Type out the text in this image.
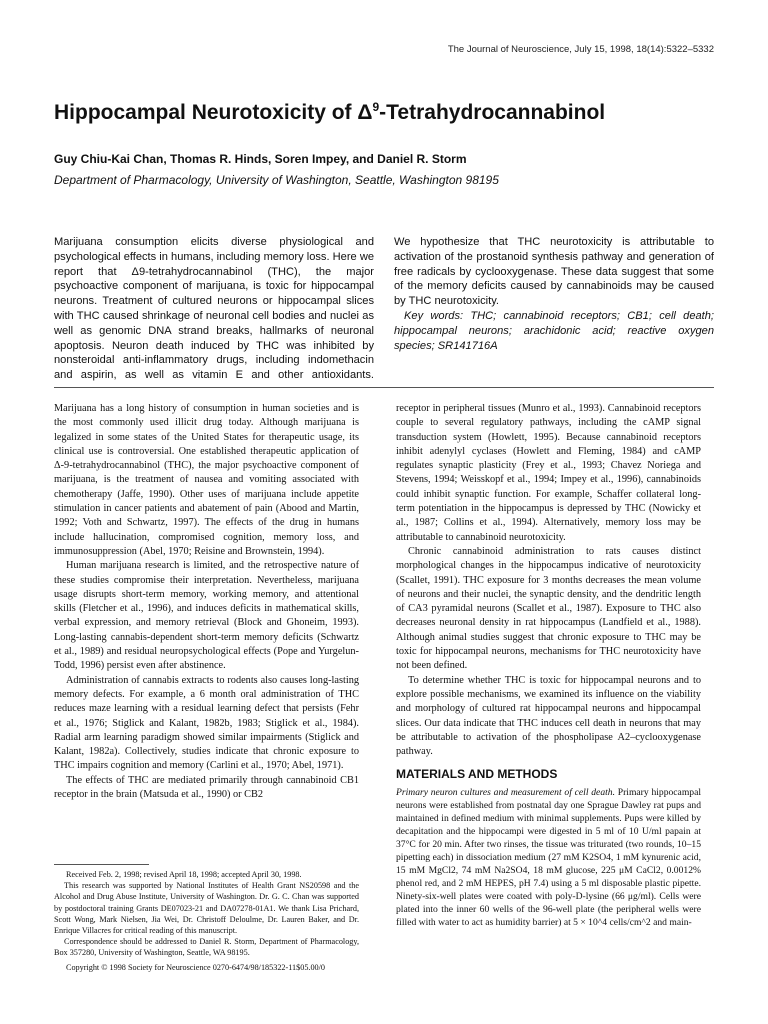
The Journal of Neuroscience, July 15, 1998, 18(14):5322–5332
Hippocampal Neurotoxicity of $\Delta^9$-Tetrahydrocannabinol
Guy Chiu-Kai Chan, Thomas R. Hinds, Soren Impey, and Daniel R. Storm
Department of Pharmacology, University of Washington, Seattle, Washington 98195

Marijuana consumption elicits diverse physiological and psychological effects in humans, including memory loss. Here we report that Δ9-tetrahydrocannabinol (THC), the major psychoactive component of marijuana, is toxic for hippocampal neurons. Treatment of cultured neurons or hippocampal slices with THC caused shrinkage of neuronal cell bodies and nuclei as well as genomic DNA strand breaks, hallmarks of neuronal apoptosis. Neuron death induced by THC was inhibited by nonsteroidal anti-inflammatory drugs, including indomethacin and aspirin, as well as vitamin E and other antioxidants.

We hypothesize that THC neurotoxicity is attributable to activation of the prostanoid synthesis pathway and generation of free radicals by cyclooxygenase. These data suggest that some of the memory deficits caused by cannabinoids may be caused by THC neurotoxicity.

Key words: THC; cannabinoid receptors; CB1; cell death; hippocampal neurons; arachidonic acid; reactive oxygen species; SR141716A

Marijuana has a long history of consumption in human societies and is the most commonly used illicit drug today. Although marijuana is legalized in some states of the United States for therapeutic usage, its clinical use is controversial. One established therapeutic application of Δ-9-tetrahydrocannabinol (THC), the major psychoactive component of marijuana, is the treatment of nausea and vomiting associated with chemotherapy (Jaffe, 1990). Other uses of marijuana include appetite stimulation in cancer patients and abatement of pain (Abood and Martin, 1992; Voth and Schwartz, 1997). The effects of the drug in humans include hallucination, compromised cognition, memory loss, and immunosuppression (Abel, 1970; Reisine and Brownstein, 1994).

Human marijuana research is limited, and the retrospective nature of these studies compromise their interpretation. Nevertheless, marijuana usage disrupts short-term memory, working memory, and attentional skills (Fletcher et al., 1996), and induces deficits in mathematical skills, verbal expression, and memory retrieval (Block and Ghoneim, 1993). Long-lasting cannabis-dependent short-term memory deficits (Schwartz et al., 1989) and residual neuropsychological effects (Pope and Yurgelun-Todd, 1996) persist even after abstinence.

Administration of cannabis extracts to rodents also causes long-lasting memory defects. For example, a 6 month oral administration of THC reduces maze learning with a residual learning defect that persists (Fehr et al., 1976; Stiglick and Kalant, 1982b, 1983; Stiglick et al., 1984). Radial arm learning paradigm showed similar impairments (Stiglick and Kalant, 1982a). Collectively, studies indicate that chronic exposure to THC impairs cognition and memory (Carlini et al., 1970; Abel, 1971).

The effects of THC are mediated primarily through cannabinoid CB1 receptor in the brain (Matsuda et al., 1990) or CB2

Received Feb. 2, 1998; revised April 18, 1998; accepted April 30, 1998.

This research was supported by National Institutes of Health Grant NS20598 and the Alcohol and Drug Abuse Institute, University of Washington. Dr. G. C. Chan was supported by postdoctoral training Grants DE07023-21 and DA07278-01A1. We thank Lisa Prichard, Scott Wong, Mark Nielsen, Jia Wei, Dr. Christoff Deloulme, Dr. Lauren Baker, and Dr. Enrique Villacres for critical reading of this manuscript.

Correspondence should be addressed to Daniel R. Storm, Department of Pharmacology, Box 357280, University of Washington, Seattle, WA 98195.

Copyright © 1998 Society for Neuroscience 0270-6474/98/185322-11$05.00/0

receptor in peripheral tissues (Munro et al., 1993). Cannabinoid receptors couple to several regulatory pathways, including the cAMP signal transduction system (Howlett, 1995). Because cannabinoid receptors inhibit adenylyl cyclases (Howlett and Fleming, 1984) and cAMP regulates synaptic plasticity (Frey et al., 1993; Chavez Noriega and Stevens, 1994; Weisskopf et al., 1994; Impey et al., 1996), cannabinoids could inhibit synaptic function. For example, Schaffer collateral long-term potentiation in the hippocampus is depressed by THC (Nowicky et al., 1987; Collins et al., 1994). Alternatively, memory loss may be attributable to cannabinoid neurotoxicity.

Chronic cannabinoid administration to rats causes distinct morphological changes in the hippocampus indicative of neurotoxicity (Scallet, 1991). THC exposure for 3 months decreases the mean volume of neurons and their nuclei, the synaptic density, and the dendritic length of CA3 pyramidal neurons (Scallet et al., 1987). Exposure to THC also decreases neuronal density in rat hippocampus (Landfield et al., 1988). Although animal studies suggest that chronic exposure to THC may be toxic for hippocampal neurons, mechanisms for THC neurotoxicity have not been defined.

To determine whether THC is toxic for hippocampal neurons and to explore possible mechanisms, we examined its influence on the viability and morphology of cultured rat hippocampal neurons and hippocampal slices. Our data indicate that THC induces cell death in neurons that may be attributable to activation of the phospholipase A2–cyclooxygenase pathway.

MATERIALS AND METHODS

Primary neuron cultures and measurement of cell death. Primary hippocampal neurons were established from postnatal day one Sprague Dawley rat pups and maintained in defined medium with minimal supplements. Pups were killed by decapitation and the hippocampi were digested in 5 ml of 10 U/ml papain at 37°C for 20 min. After two rinses, the tissue was triturated (two rounds, 10–15 pipetting each) in dissociation medium (27 mM K2SO4, 1 mM kynurenic acid, 15 mM MgCl2, 74 mM Na2SO4, 18 mM glucose, 225 μM CaCl2, 0.0012% phenol red, and 2 mM HEPES, pH 7.4) using a 5 ml disposable plastic pipette. Ninety-six-well plates were coated with poly-D-lysine (66 μg/ml). Cells were plated into the inner 60 wells of the 96-well plate (the peripheral wells were filled with water to act as humidity barrier) at 5 × 10^4 cells/cm^2 and main-
